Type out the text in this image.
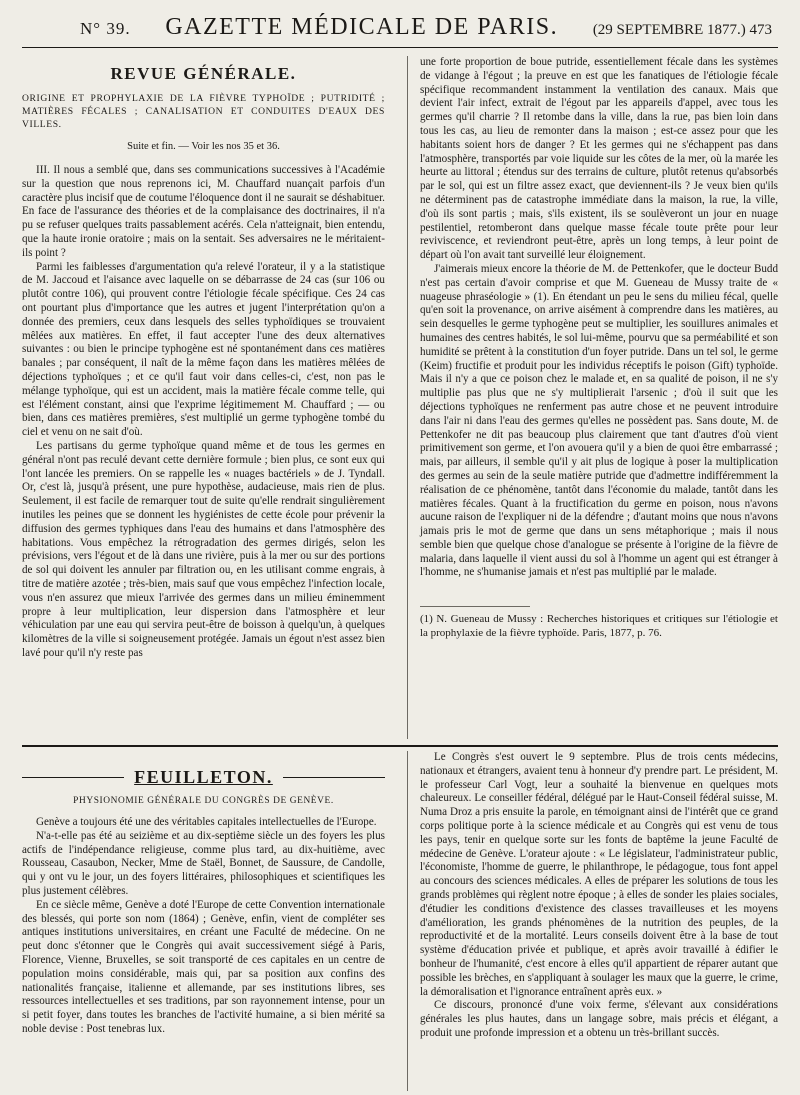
N° 39. GAZETTE MÉDICALE DE PARIS. (29 SEPTEMBRE 1877.) 473
REVUE GÉNÉRALE.
ORIGINE ET PROPHYLAXIE DE LA FIÈVRE TYPHOÏDE ; PUTRIDITÉ ; MATIÈRES FÉCALES ; CANALISATION ET CONDUITES D'EAUX DES VILLES.
Suite et fin. — Voir les nos 35 et 36.

III. Il nous a semblé que, dans ses communications successives à l'Académie sur la question que nous reprenons ici, M. Chauffard nuançait parfois d'un caractère plus incisif que de coutume l'éloquence dont il ne saurait se déshabituer. En face de l'assurance des théories et de la complaisance des doctrinaires, il n'a pu se refuser quelques traits passablement acérés. Cela n'atteignait, bien entendu, que la haute ironie oratoire ; mais on la sentait. Ses adversaires ne le méritaient-ils point ?

Parmi les faiblesses d'argumentation qu'a relevé l'orateur, il y a la statistique de M. Jaccoud et l'aisance avec laquelle on se débarrasse de 24 cas (sur 106 ou plutôt contre 106), qui prouvent contre l'étiologie fécale spécifique. Ces 24 cas ont pourtant plus d'importance que les autres et jugent l'interprétation qu'on a donnée des premiers, ceux dans lesquels des selles typhoïdiques se trouvaient mêlées aux matières. En effet, il faut accepter l'une des deux alternatives suivantes : ou bien le principe typhogène est né spontanément dans ces matières banales ; par conséquent, il naît de la même façon dans les matières mêlées de déjections typhoïques ; et ce qu'il faut voir dans celles-ci, c'est, non pas le mélange typhoïque, qui est un accident, mais la matière fécale comme telle, qui est l'élément constant, ainsi que l'exprime légitimement M. Chauffard ; — ou bien, dans ces matières premières, s'est multiplié un germe typhogène tombé du ciel et venu on ne sait d'où.

Les partisans du germe typhoïque quand même et de tous les germes en général n'ont pas reculé devant cette dernière formule ; bien plus, ce sont eux qui l'ont lancée les premiers. On se rappelle les « nuages bactériels » de J. Tyndall. Or, c'est là, jusqu'à présent, une pure hypothèse, audacieuse, mais rien de plus. Seulement, il est facile de remarquer tout de suite qu'elle rendrait singulièrement inutiles les peines que se donnent les hygiénistes de cette école pour prévenir la diffusion des germes typhiques dans l'eau des humains et dans l'atmosphère des habitations. Vous empêchez la rétrogradation des germes dirigés, selon les prévisions, vers l'égout et de là dans une rivière, puis à la mer ou sur des portions de sol qui doivent les annuler par filtration ou, en les utilisant comme engrais, à titre de matière azotée ; très-bien, mais sauf que vous empêchez l'infection locale, vous n'en assurez que mieux l'arrivée des germes dans un milieu éminemment propre à leur multiplication, leur dispersion dans l'atmosphère et leur véhiculation par une eau qui servira peut-être de boisson à quelqu'un, à quelques kilomètres de la ville si soigneusement protégée. Jamais un égout n'est assez bien lavé pour qu'il n'y reste pas

une forte proportion de boue putride, essentiellement fécale dans les systèmes de vidange à l'égout ; la preuve en est que les fanatiques de l'étiologie fécale spécifique recommandent instamment la ventilation des canaux. Mais que devient l'air infect, extrait de l'égout par les appareils d'appel, avec tous les germes qu'il charrie ? Il retombe dans la ville, dans la rue, pas bien loin dans tous les cas, au lieu de remonter dans la maison ; est-ce assez pour que les habitants soient hors de danger ? Et les germes qui ne s'échappent pas dans l'atmosphère, transportés par voie liquide sur les côtes de la mer, où la marée les heurte au littoral ; étendus sur des terrains de culture, plutôt retenus qu'absorbés par le sol, qui est un filtre assez exact, que deviennent-ils ? Je veux bien qu'ils ne déterminent pas de catastrophe immédiate dans la maison, la rue, la ville, d'où ils sont partis ; mais, s'ils existent, ils se soulèveront un jour en nuage pestilentiel, retomberont dans quelque masse fécale toute prête pour leur reviviscence, et reviendront peut-être, après un long temps, à leur point de départ où l'on avait tant surveillé leur éloignement.

J'aimerais mieux encore la théorie de M. de Pettenkofer, que le docteur Budd n'est pas certain d'avoir comprise et que M. Gueneau de Mussy traite de « nuageuse phraséologie » (1). En étendant un peu le sens du milieu fécal, quelle qu'en soit la provenance, on arrive aisément à comprendre dans les matières, au sein desquelles le germe typhogène peut se multiplier, les souillures animales et humaines des centres habités, le sol lui-même, pourvu que sa perméabilité et son humidité se prêtent à la constitution d'un foyer putride. Dans un tel sol, le germe (Keim) fructifie et produit pour les individus réceptifs le poison (Gift) typhoïde. Mais il n'y a que ce poison chez le malade et, en sa qualité de poison, il ne s'y multiplie pas plus que ne s'y multiplierait l'arsenic ; d'où il suit que les déjections typhoïques ne renferment pas autre chose et ne peuvent introduire dans l'air ni dans l'eau des germes qu'elles ne possèdent pas. Sans doute, M. de Pettenkofer ne dit pas beaucoup plus clairement que tant d'autres d'où vient primitivement son germe, et l'on avouera qu'il y a bien de quoi être embarrassé ; mais, par ailleurs, il semble qu'il y ait plus de logique à poser la multiplication des germes au sein de la seule matière putride que d'admettre indifféremment la réalisation de ce phénomène, tantôt dans l'économie du malade, tantôt dans les matières fécales. Quant à la fructification du germe en poison, nous n'avons aucune raison de l'expliquer ni de la défendre ; d'autant moins que nous n'avons jamais pris le mot de germe que dans un sens métaphorique ; mais il nous semble bien que quelque chose d'analogue se présente à l'origine de la fièvre de malaria, dans laquelle il vient aussi du sol à l'homme un agent qui est étranger à l'homme, ne s'humanise jamais et n'est pas multiplié par le malade.

(1) N. Gueneau de Mussy : Recherches historiques et critiques sur l'étiologie et la prophylaxie de la fièvre typhoïde. Paris, 1877, p. 76.
FEUILLETON.
PHYSIONOMIE GÉNÉRALE DU CONGRÈS DE GENÈVE.

Genève a toujours été une des véritables capitales intellectuelles de l'Europe.

N'a-t-elle pas été au seizième et au dix-septième siècle un des foyers les plus actifs de l'indépendance religieuse, comme plus tard, au dix-huitième, avec Rousseau, Casaubon, Necker, Mme de Staël, Bonnet, de Saussure, de Candolle, qui y ont vu le jour, un des foyers littéraires, philosophiques et scientifiques les plus justement célèbres.

En ce siècle même, Genève a doté l'Europe de cette Convention internationale des blessés, qui porte son nom (1864) ; Genève, enfin, vient de compléter ses antiques institutions universitaires, en créant une Faculté de médecine. On ne peut donc s'étonner que le Congrès qui avait successivement siégé à Paris, Florence, Vienne, Bruxelles, se soit transporté de ces capitales en un centre de population moins considérable, mais qui, par sa position aux confins des nationalités française, italienne et allemande, par ses institutions libres, ses ressources intellectuelles et ses traditions, par son rayonnement intense, pour un si petit foyer, dans toutes les branches de l'activité humaine, a si bien mérité sa noble devise : Post tenebras lux.

Le Congrès s'est ouvert le 9 septembre. Plus de trois cents médecins, nationaux et étrangers, avaient tenu à honneur d'y prendre part. Le président, M. le professeur Carl Vogt, leur a souhaité la bienvenue en quelques mots chaleureux. Le conseiller fédéral, délégué par le Haut-Conseil fédéral suisse, M. Numa Droz a pris ensuite la parole, en témoignant ainsi de l'intérêt que ce grand corps politique porte à la science médicale et au Congrès qui est venu de tous les pays, tenir en quelque sorte sur les fonts de baptême la jeune Faculté de médecine de Genève. L'orateur ajoute : « Le législateur, l'administrateur public, l'économiste, l'homme de guerre, le philanthrope, le pédagogue, tous font appel au concours des sciences médicales. A elles de préparer les solutions de tous les grands problèmes qui règlent notre époque ; à elles de sonder les plaies sociales, d'étudier les conditions d'existence des classes travailleuses et les moyens d'amélioration, les grands phénomènes de la nutrition des peuples, de la reproductivité et de la mortalité. Leurs conseils doivent être à la base de tout système d'éducation privée et publique, et après avoir travaillé à édifier le bonheur de l'humanité, c'est encore à elles qu'il appartient de réparer autant que possible les brèches, en s'appliquant à soulager les maux que la guerre, le crime, la démoralisation et l'ignorance entraînent après eux. »

Ce discours, prononcé d'une voix ferme, s'élevant aux considérations générales les plus hautes, dans un langage sobre, mais précis et élégant, a produit une profonde impression et a obtenu un très-brillant succès.
